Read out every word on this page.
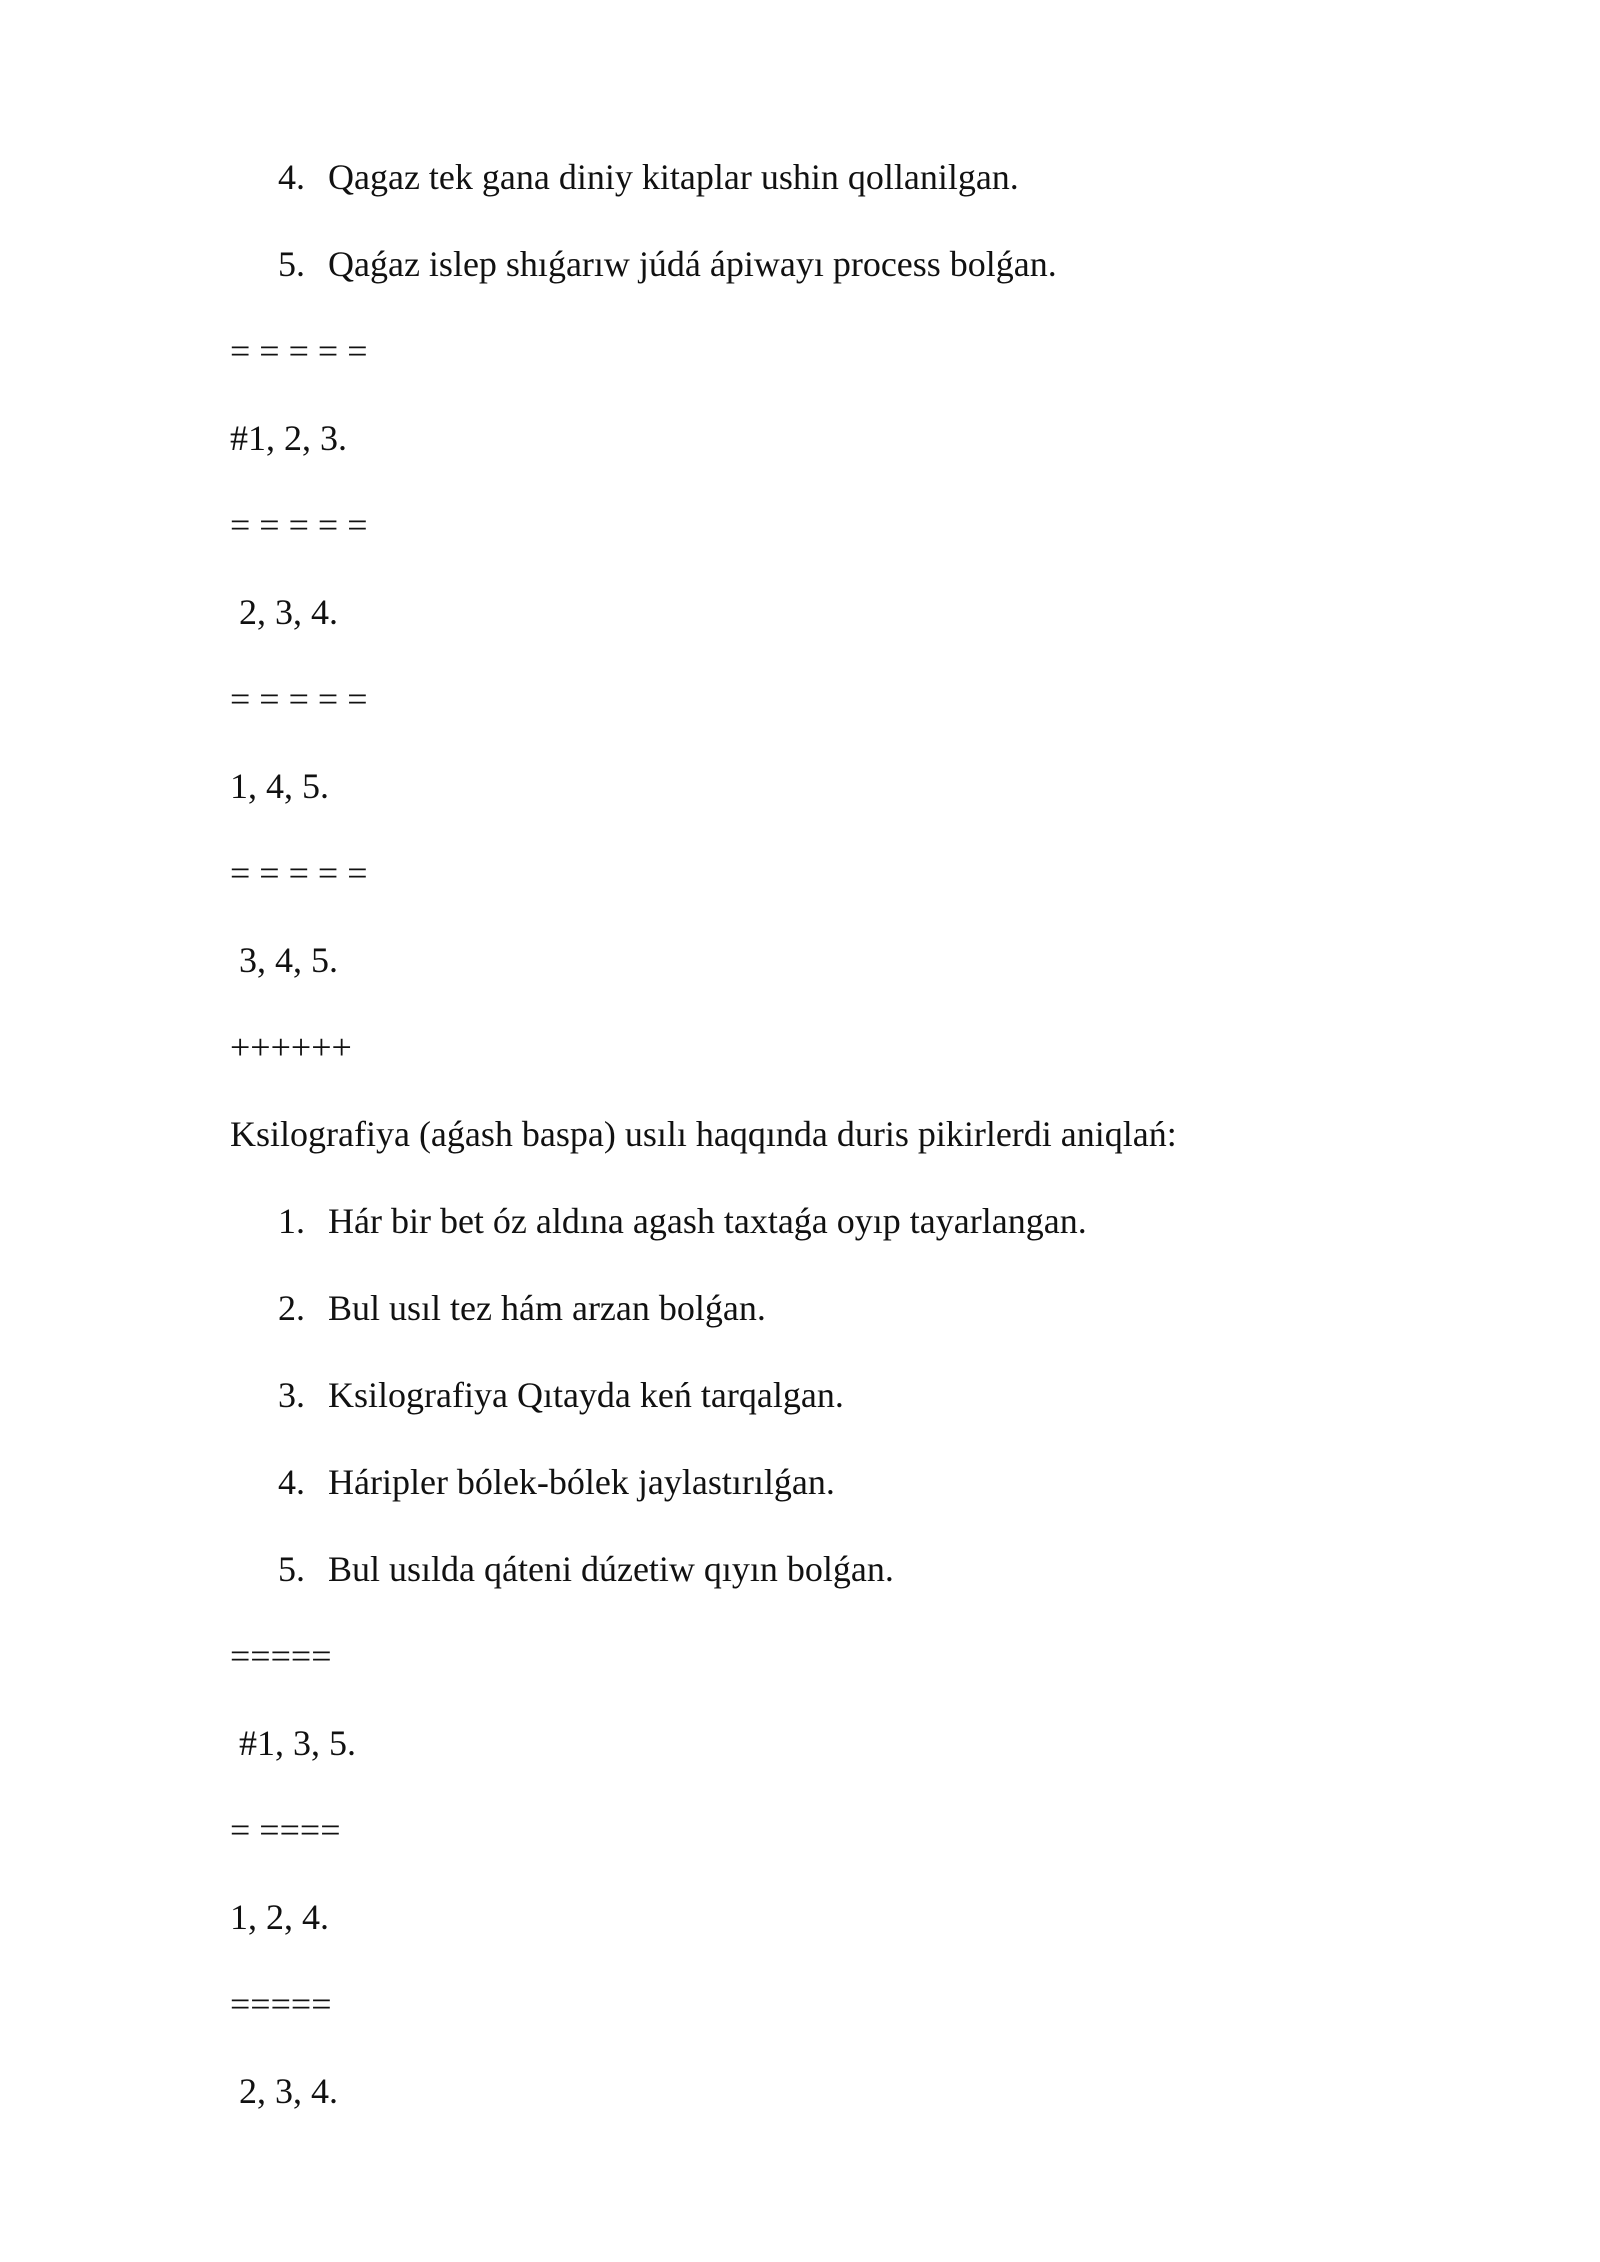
4. Qagaz tek gana diniy kitaplar ushin qollanilgan.
5. Qaǵaz islep shıǵarıw júdá ápiwayı process bolǵan.
= = = = =
#1, 2, 3.
= = = = =
2, 3, 4.
= = = = =
1, 4, 5.
= = = = =
3, 4, 5.
++++++
Ksilografiya (aǵash baspa) usılı haqqında duris pikirlerdi aniqlań:
1. Hár bir bet óz aldına agash taxtaǵa oyıp tayarlangan.
2. Bul usıl tez hám arzan bolǵan.
3. Ksilografiya Qıtayda keń tarqalgan.
4. Háripler bólek-bólek jaylastırılǵan.
5. Bul usılda qáteni dúzetiw qıyın bolǵan.
=====
#1, 3, 5.
= ====
1, 2, 4.
=====
2, 3, 4.
